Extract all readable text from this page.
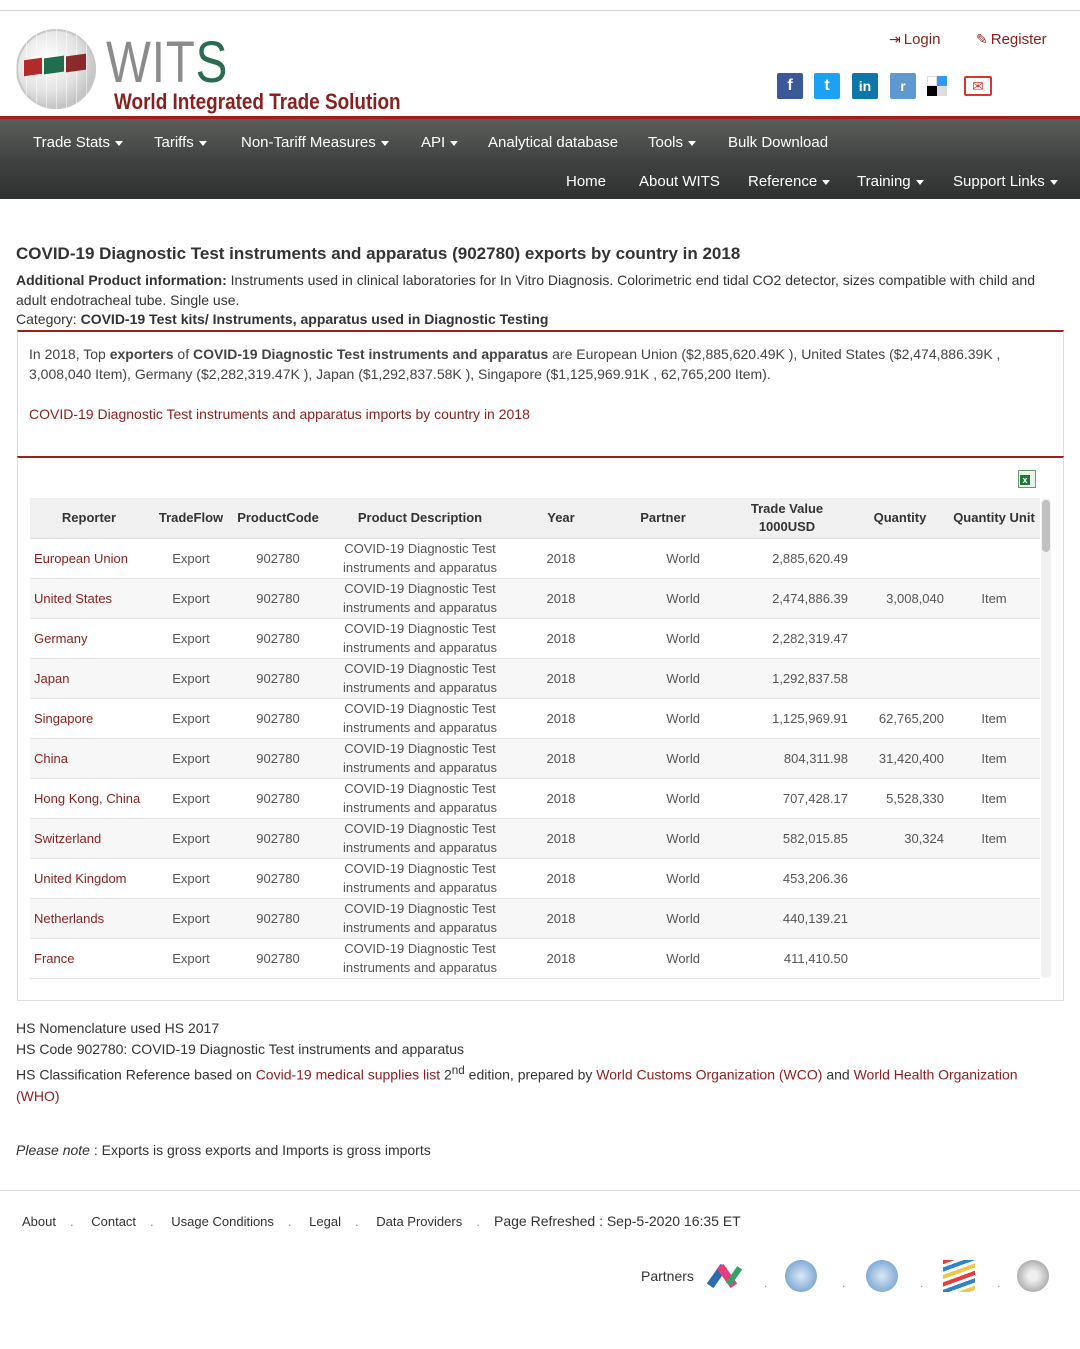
WITS
World Integrated Trade Solution
⇥ Login	✎ Register
f	t	in	r	✉
Trade Stats	Tariffs	Non-Tariff Measures	API	Analytical database Tools	Bulk Download
Home About WITS Reference	Training	Support Links
COVID-19 Diagnostic Test instruments and apparatus (902780) exports by country in 2018
Additional Product information: Instruments used in clinical laboratories for In Vitro Diagnosis. Colorimetric end tidal CO2 detector, sizes compatible with child and adult endotracheal tube. Single use.
Category: COVID-19 Test kits/ Instruments, apparatus used in Diagnostic Testing
In 2018, Top exporters of COVID-19 Diagnostic Test instruments and apparatus are European Union ($2,885,620.49K ), United States ($2,474,886.39K , 3,008,040 Item), Germany ($2,282,319.47K ), Japan ($1,292,837.58K ), Singapore ($1,125,969.91K , 62,765,200 Item).
COVID-19 Diagnostic Test instruments and apparatus imports by country in 2018
x
Reporter	TradeFlow	ProductCode	Product Description	Year	Partner	Trade Value
1000USD	Quantity	Quantity Unit
European Union	Export	902780	COVID-19 Diagnostic Test
instruments and apparatus	2018	World	2,885,620.49		
United States	Export	902780	COVID-19 Diagnostic Test
instruments and apparatus	2018	World	2,474,886.39	3,008,040	Item
Germany	Export	902780	COVID-19 Diagnostic Test
instruments and apparatus	2018	World	2,282,319.47		
Japan	Export	902780	COVID-19 Diagnostic Test
instruments and apparatus	2018	World	1,292,837.58		
Singapore	Export	902780	COVID-19 Diagnostic Test
instruments and apparatus	2018	World	1,125,969.91	62,765,200	Item
China	Export	902780	COVID-19 Diagnostic Test
instruments and apparatus	2018	World	804,311.98	31,420,400	Item
Hong Kong, China	Export	902780	COVID-19 Diagnostic Test
instruments and apparatus	2018	World	707,428.17	5,528,330	Item
Switzerland	Export	902780	COVID-19 Diagnostic Test
instruments and apparatus	2018	World	582,015.85	30,324	Item
United Kingdom	Export	902780	COVID-19 Diagnostic Test
instruments and apparatus	2018	World	453,206.36		
Netherlands	Export	902780	COVID-19 Diagnostic Test
instruments and apparatus	2018	World	440,139.21		
France	Export	902780	COVID-19 Diagnostic Test
instruments and apparatus	2018	World	411,410.50		
HS Nomenclature used HS 2017
HS Code 902780: COVID-19 Diagnostic Test instruments and apparatus
HS Classification Reference based on Covid-19 medical supplies list 2nd edition, prepared by World Customs Organization (WCO) and World Health Organization (WHO)
Please note : Exports is gross exports and Imports is gross imports
About . Contact . Usage Conditions . Legal . Data Providers .	Page Refreshed : Sep-5-2020 16:35 ET
Partners	.	.	.	.
